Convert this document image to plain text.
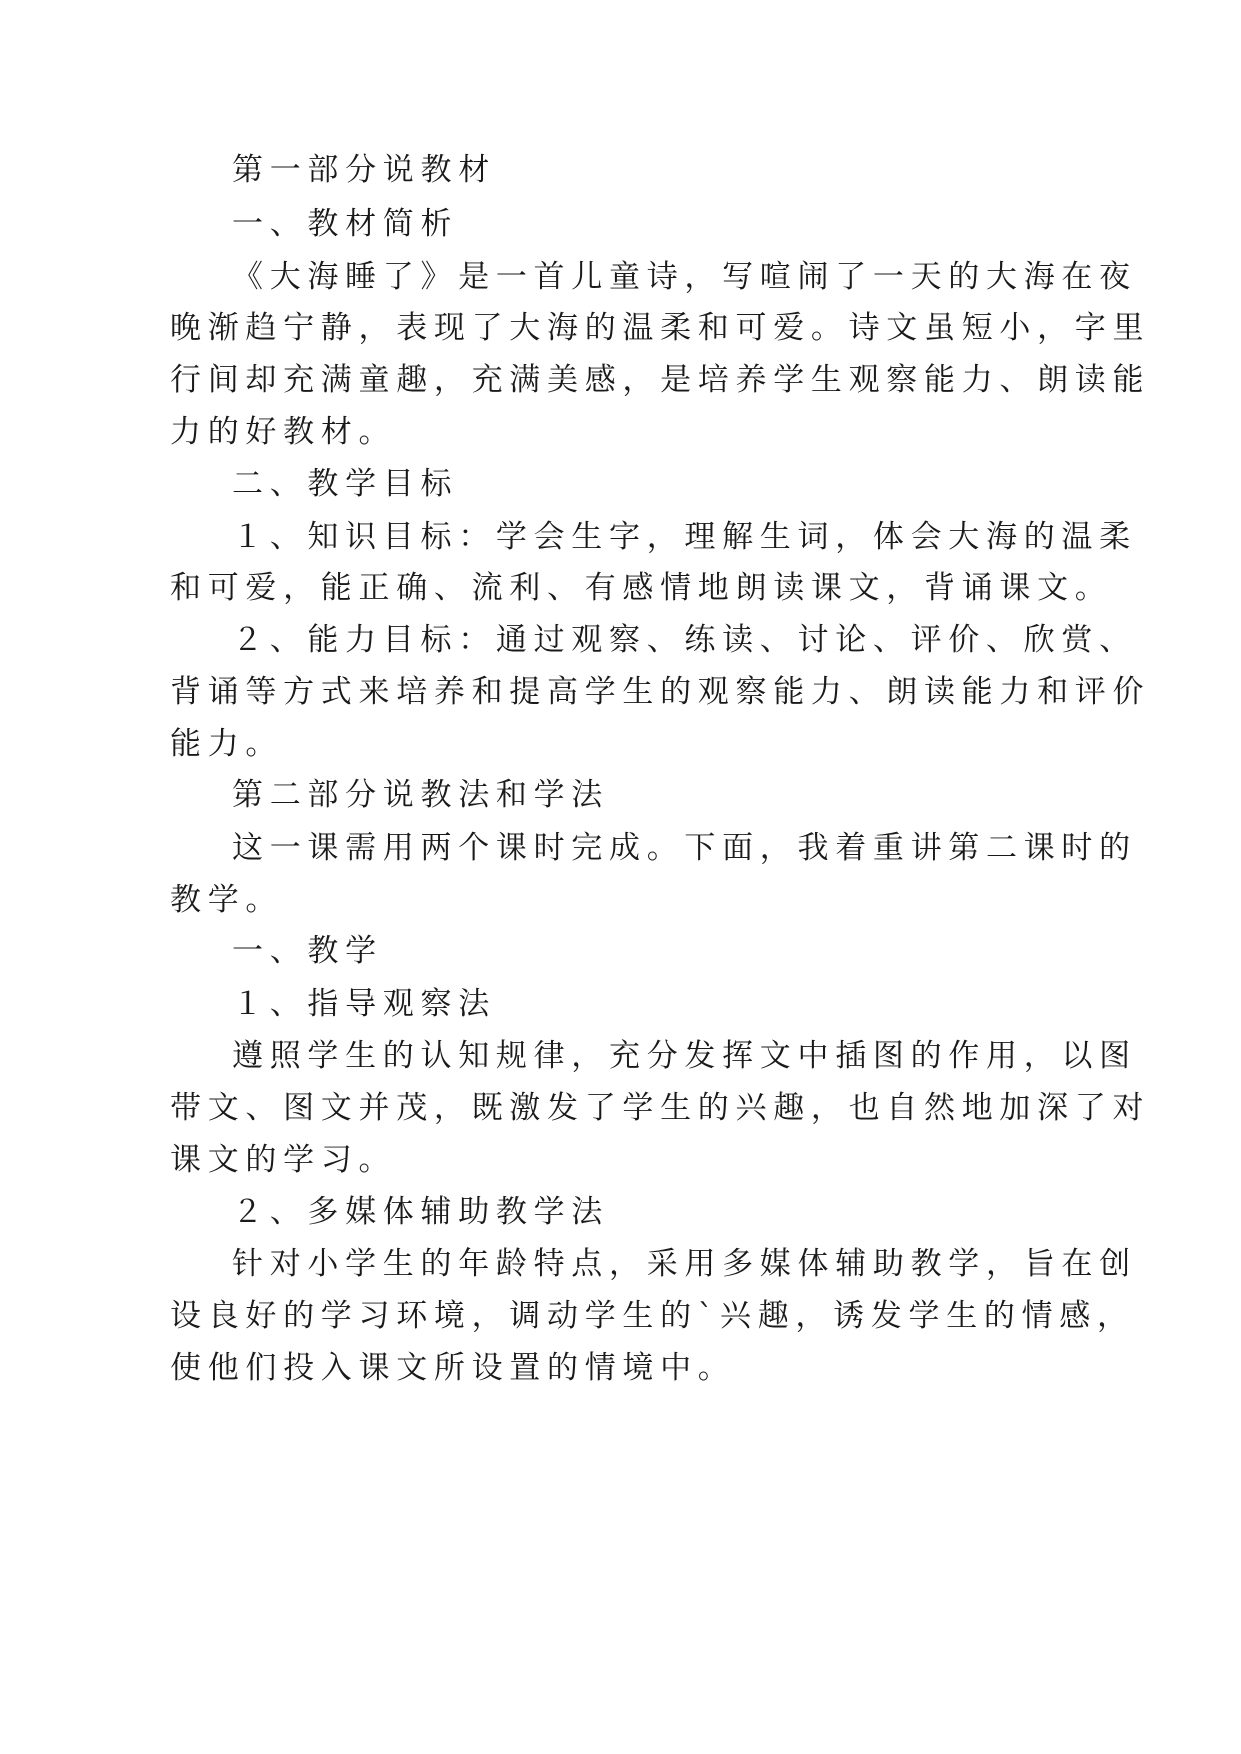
第一部分说教材
一、教材简析
《大海睡了》是一首儿童诗，写喧闹了一天的大海在夜
晚渐趋宁静，表现了大海的温柔和可爱。诗文虽短小，字里
行间却充满童趣，充满美感，是培养学生观察能力、朗读能
力的好教材。
二、教学目标
１、知识目标：学会生字，理解生词，体会大海的温柔
和可爱，能正确、流利、有感情地朗读课文，背诵课文。
２、能力目标：通过观察、练读、讨论、评价、欣赏、
背诵等方式来培养和提高学生的观察能力、朗读能力和评价
能力。
第二部分说教法和学法
这一课需用两个课时完成。下面，我着重讲第二课时的
教学。
一、教学
１、指导观察法
遵照学生的认知规律，充分发挥文中插图的作用，以图
带文、图文并茂，既激发了学生的兴趣，也自然地加深了对
课文的学习。
２、多媒体辅助教学法
针对小学生的年龄特点，采用多媒体辅助教学，旨在创
设良好的学习环境，调动学生的`兴趣，诱发学生的情感，
使他们投入课文所设置的情境中。
